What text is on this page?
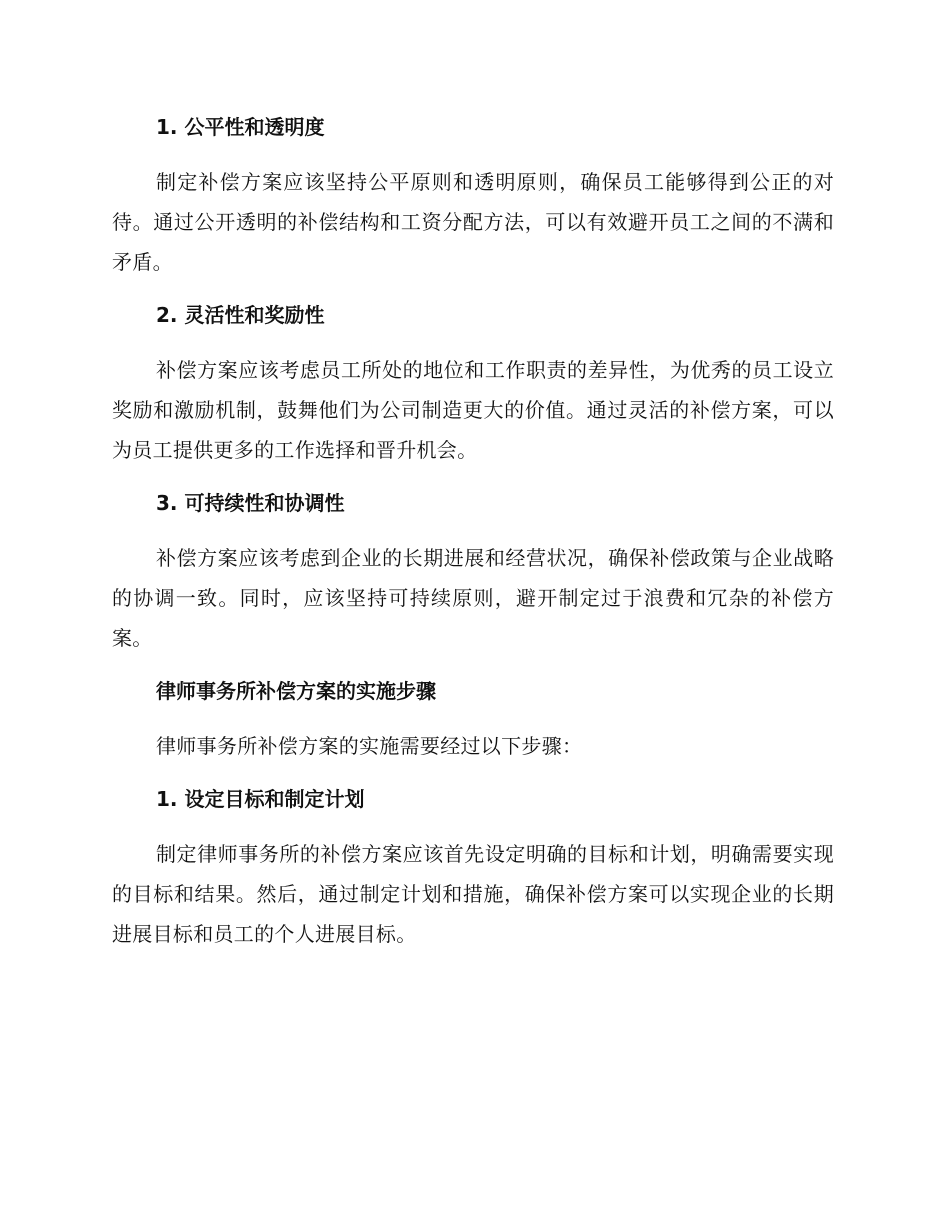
1. 公平性和透明度

制定补偿方案应该坚持公平原则和透明原则，确保员工能够得到公正的对待。通过公开透明的补偿结构和工资分配方法，可以有效避开员工之间的不满和矛盾。

2. 灵活性和奖励性

补偿方案应该考虑员工所处的地位和工作职责的差异性，为优秀的员工设立奖励和激励机制，鼓舞他们为公司制造更大的价值。通过灵活的补偿方案，可以为员工提供更多的工作选择和晋升机会。

3. 可持续性和协调性

补偿方案应该考虑到企业的长期进展和经营状况，确保补偿政策与企业战略的协调一致。同时，应该坚持可持续原则，避开制定过于浪费和冗杂的补偿方案。

律师事务所补偿方案的实施步骤

律师事务所补偿方案的实施需要经过以下步骤：

1. 设定目标和制定计划

制定律师事务所的补偿方案应该首先设定明确的目标和计划，明确需要实现的目标和结果。然后，通过制定计划和措施，确保补偿方案可以实现企业的长期进展目标和员工的个人进展目标。
